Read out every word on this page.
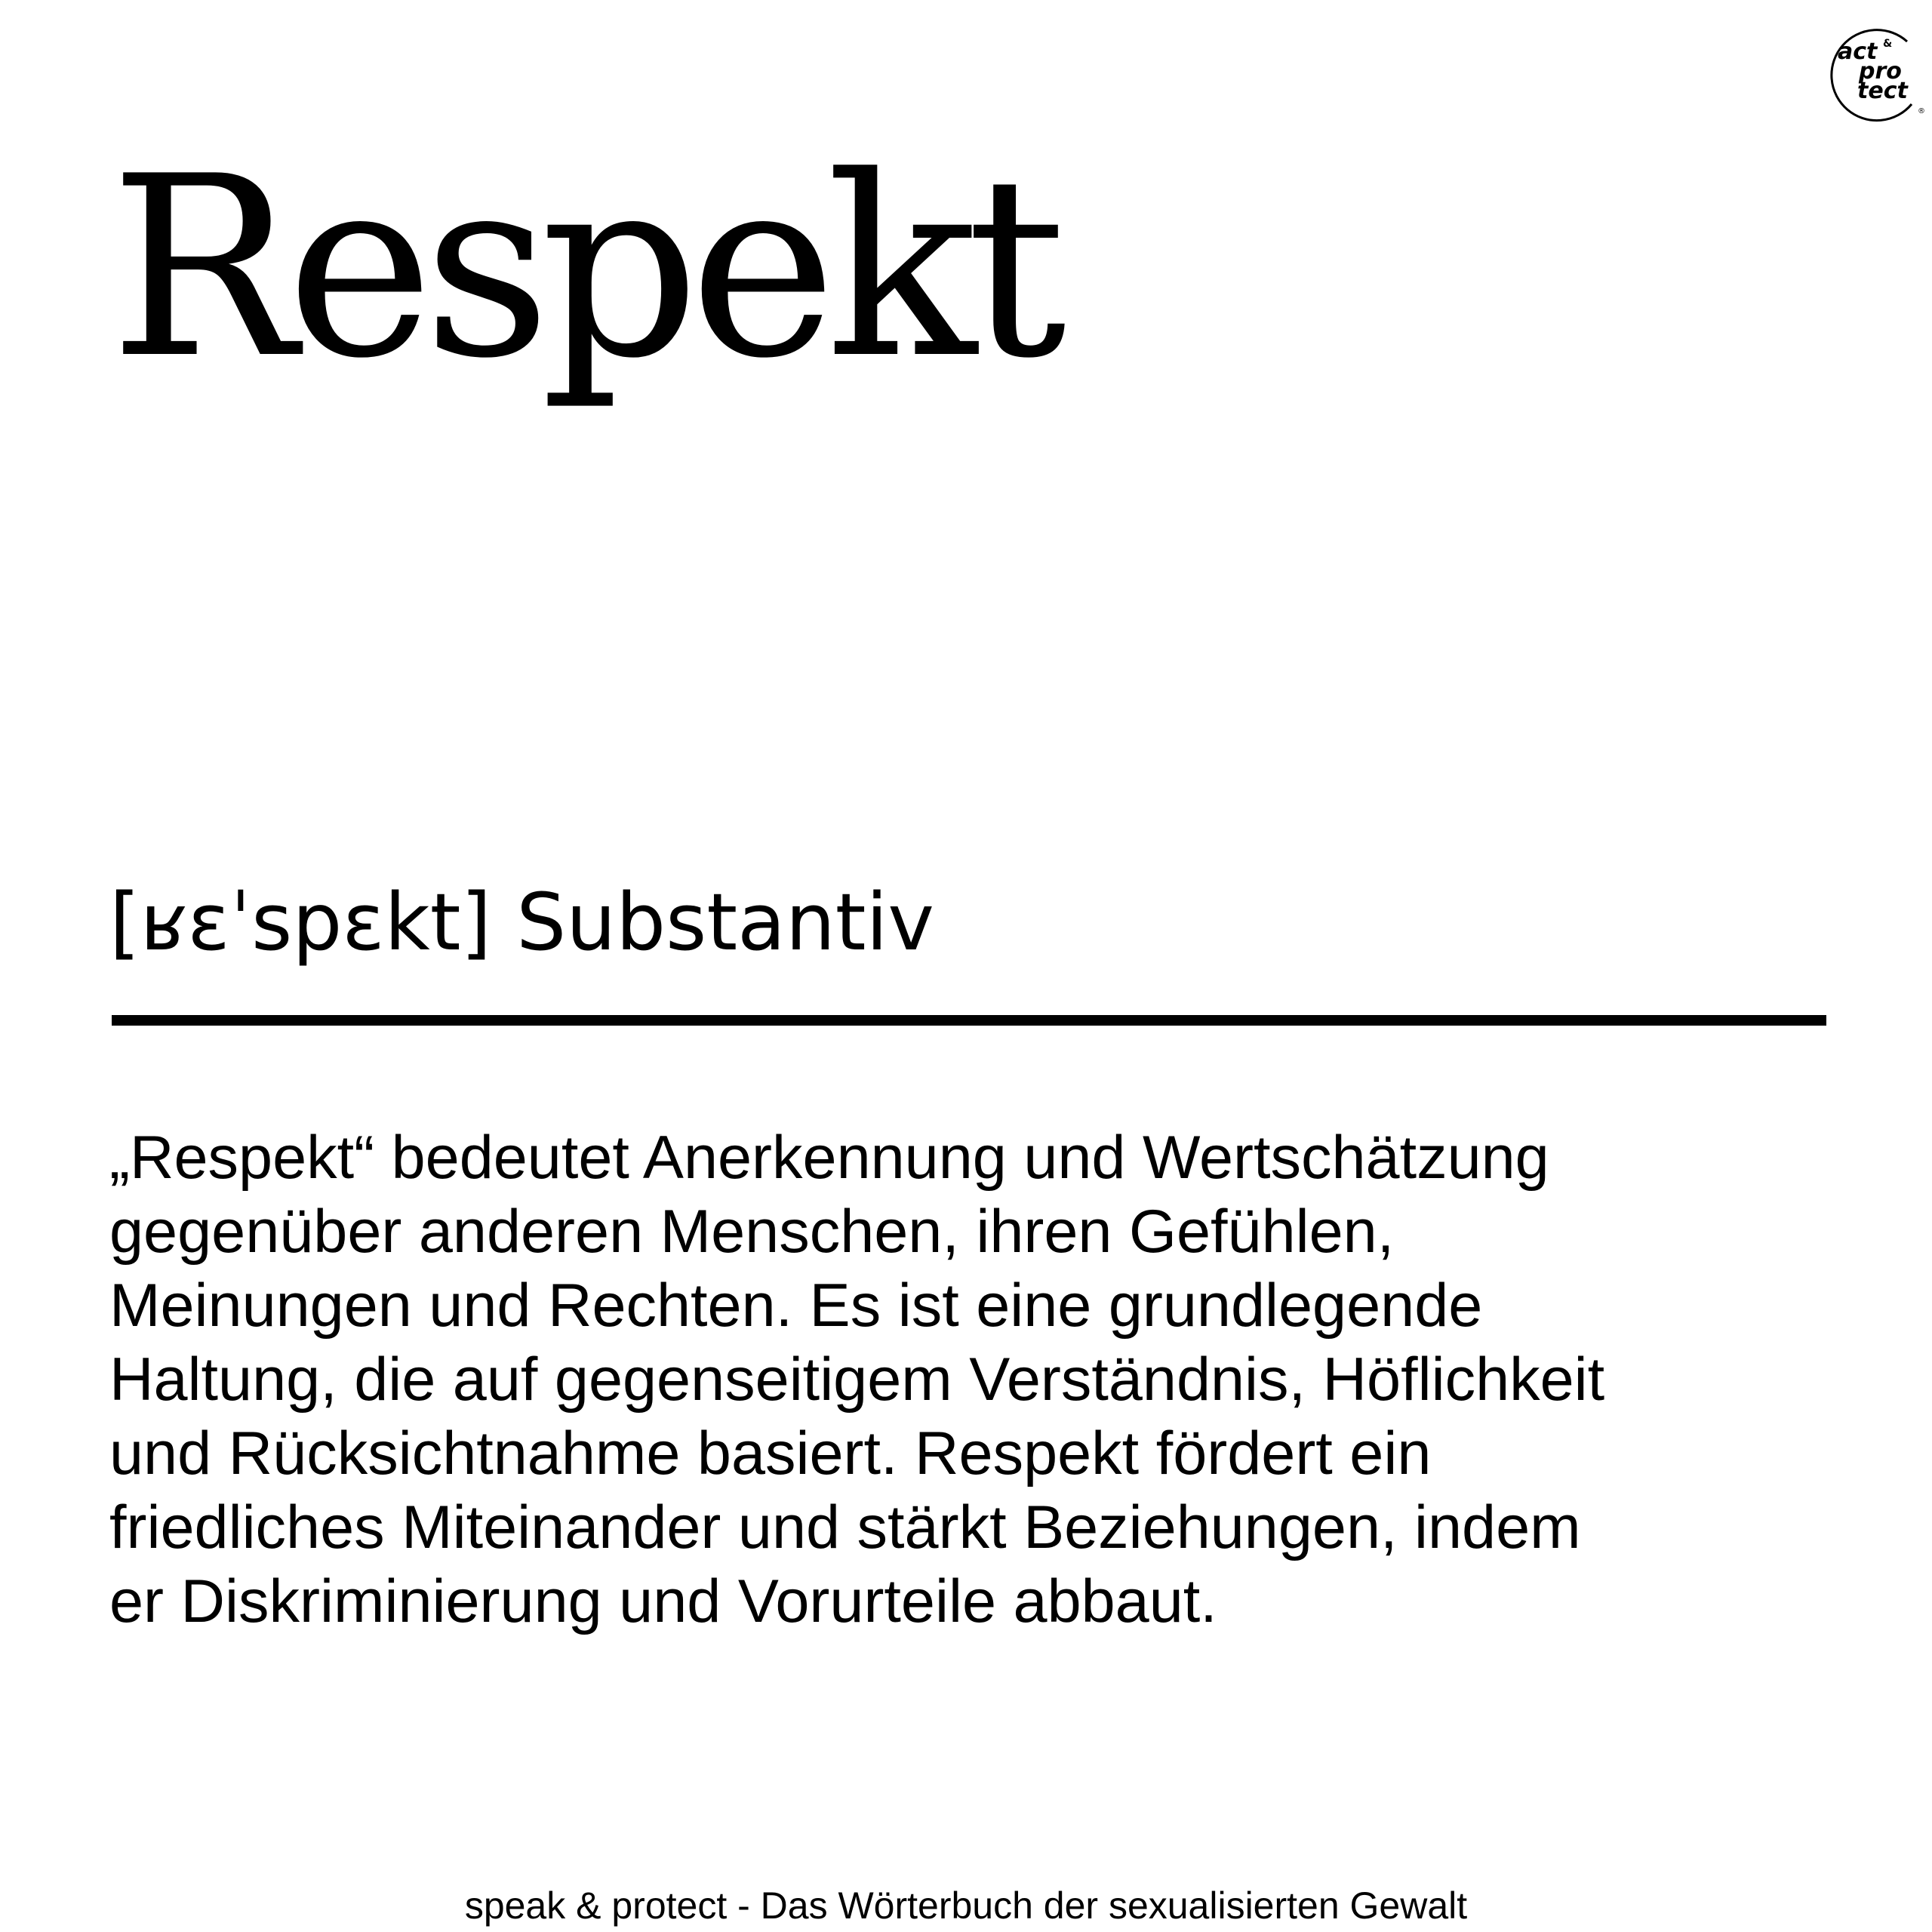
act &
pro
tect
®
Respekt
[ʁɛˈspɛkt] Substantiv

„Respekt“ bedeutet Anerkennung und Wertschätzung
gegenüber anderen Menschen, ihren Gefühlen,
Meinungen und Rechten. Es ist eine grundlegende
Haltung, die auf gegenseitigem Verständnis, Höflichkeit
und Rücksichtnahme basiert. Respekt fördert ein
friedliches Miteinander und stärkt Beziehungen, indem
er Diskriminierung und Vorurteile abbaut.

speak & protect - Das Wörterbuch der sexualisierten Gewalt
